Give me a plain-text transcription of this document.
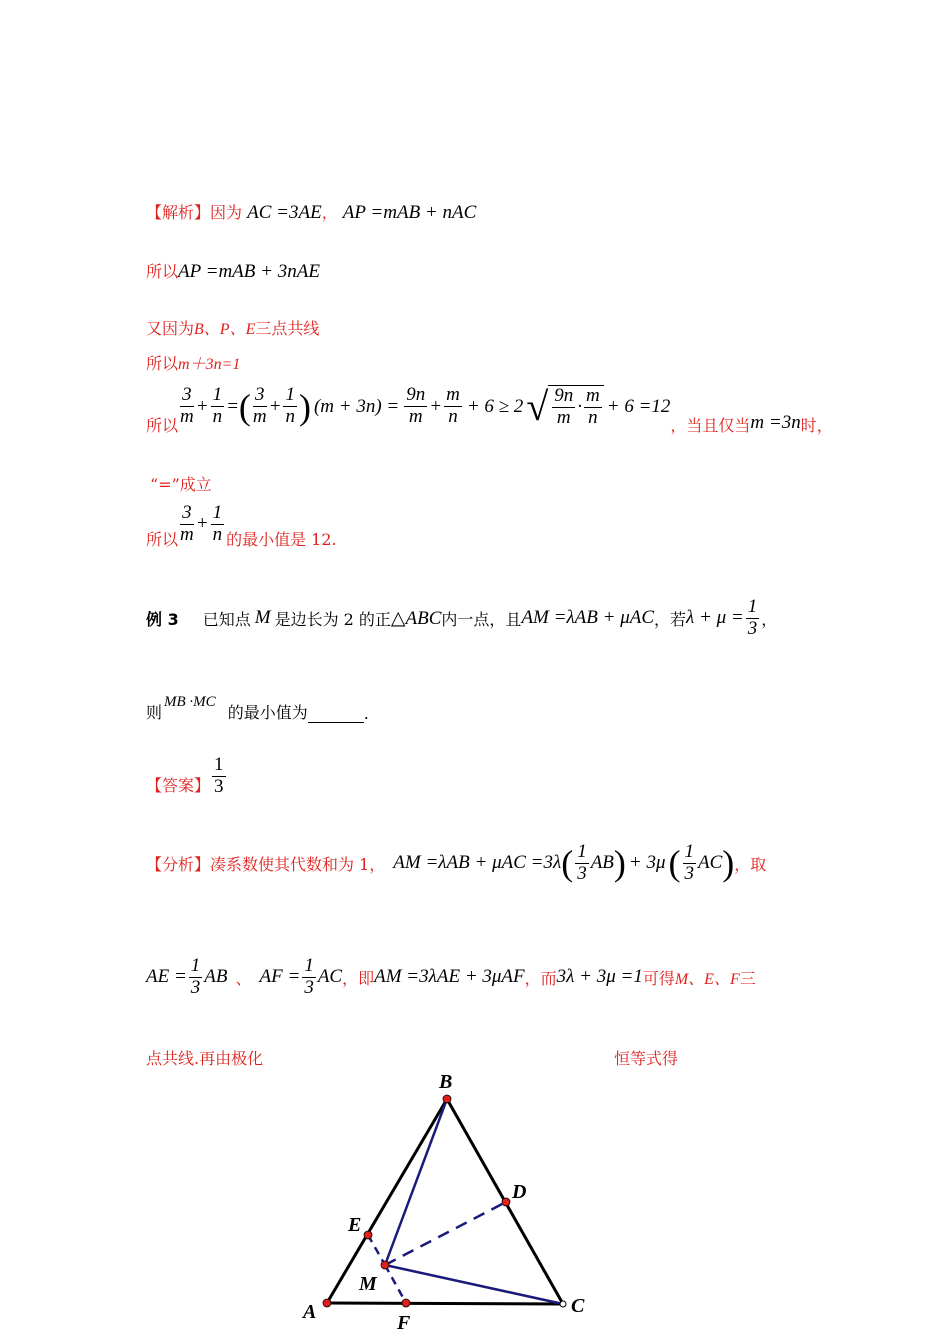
【解析】因为 AC =3AE， AP =mAB + nAC
所以AP =mAB + 3nAE
又因为B、P、E三点共线
所以m＋3n=1
所以 $\frac{3}{m} + \frac{1}{n}$ = ( $\frac{3}{m} + \frac{1}{n}$ ) $(m + 3n) = \frac{9n}{m} + \frac{m}{n} + 6 \ge 2$ √ $\frac{9n}{m} \cdot \frac{m}{n} + 6 =12$
，当且仅当 m =3n 时，
“=”成立
所以 $\frac{3}{m} + \frac{1}{n}$ 的最小值是 12.
例 3 已知点 M 是边长为 2 的正 △ABC 内一点，且 AM =λAB + μAC ，若 $\lambda + \mu = \frac{1}{3}$ ，
则
MB ·MC
的最小值为	.
【答案】 $\frac{1}{3}$
【分析】 凑系数使其代数和为 1， AM =λAB + μAC =3λ ( $\frac{1}{3}$ AB ) + 3μ ( $\frac{1}{3}$ AC ) ，取
AE = $\frac{1}{3}$ AB 、 AF = $\frac{1}{3}$ AC ，即 AM =3λAE + 3μAF ，而 3λ + 3μ =1 可得 M、E、F 三
点共线.再由极化	恒等式得
A
B
C
D
E
F
M
